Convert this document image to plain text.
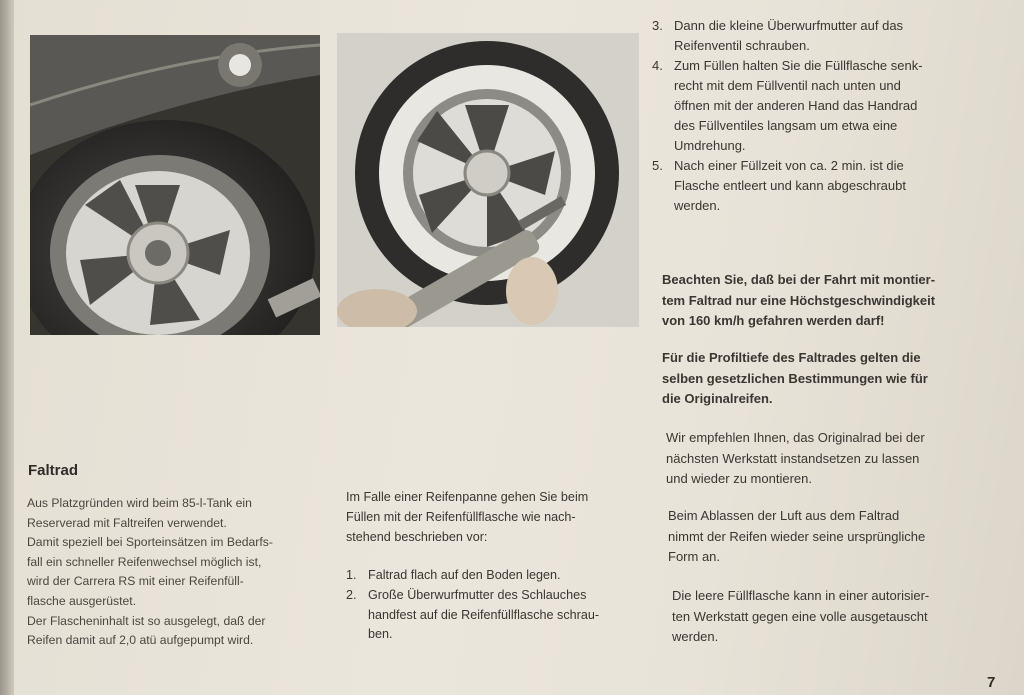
Faltrad
Aus Platzgründen wird beim 85-l-Tank ein
Reserverad mit Faltreifen verwendet.
Damit speziell bei Sporteinsätzen im Bedarfs-
fall ein schneller Reifenwechsel möglich ist,
wird der Carrera RS mit einer Reifenfüll-
flasche ausgerüstet.
Der Flascheninhalt ist so ausgelegt, daß der
Reifen damit auf 2,0 atü aufgepumpt wird.
Im Falle einer Reifenpanne gehen Sie beim
Füllen mit der Reifenfüllflasche wie nach-
stehend beschrieben vor:
1. Faltrad flach auf den Boden legen.
2. Große Überwurfmutter des Schlauches
handfest auf die Reifenfüllflasche schrau-
ben.
3. Dann die kleine Überwurfmutter auf das
Reifenventil schrauben.
4. Zum Füllen halten Sie die Füllflasche senk-
recht mit dem Füllventil nach unten und
öffnen mit der anderen Hand das Handrad
des Füllventiles langsam um etwa eine
Umdrehung.
5. Nach einer Füllzeit von ca. 2 min. ist die
Flasche entleert und kann abgeschraubt
werden.
Beachten Sie, daß bei der Fahrt mit montier-
tem Faltrad nur eine Höchstgeschwindigkeit
von 160 km/h gefahren werden darf!
Für die Profiltiefe des Faltrades gelten die
selben gesetzlichen Bestimmungen wie für
die Originalreifen.
Wir empfehlen Ihnen, das Originalrad bei der
nächsten Werkstatt instandsetzen zu lassen
und wieder zu montieren.
Beim Ablassen der Luft aus dem Faltrad
nimmt der Reifen wieder seine ursprüngliche
Form an.
Die leere Füllflasche kann in einer autorisier-
ten Werkstatt gegen eine volle ausgetauscht
werden.
7
